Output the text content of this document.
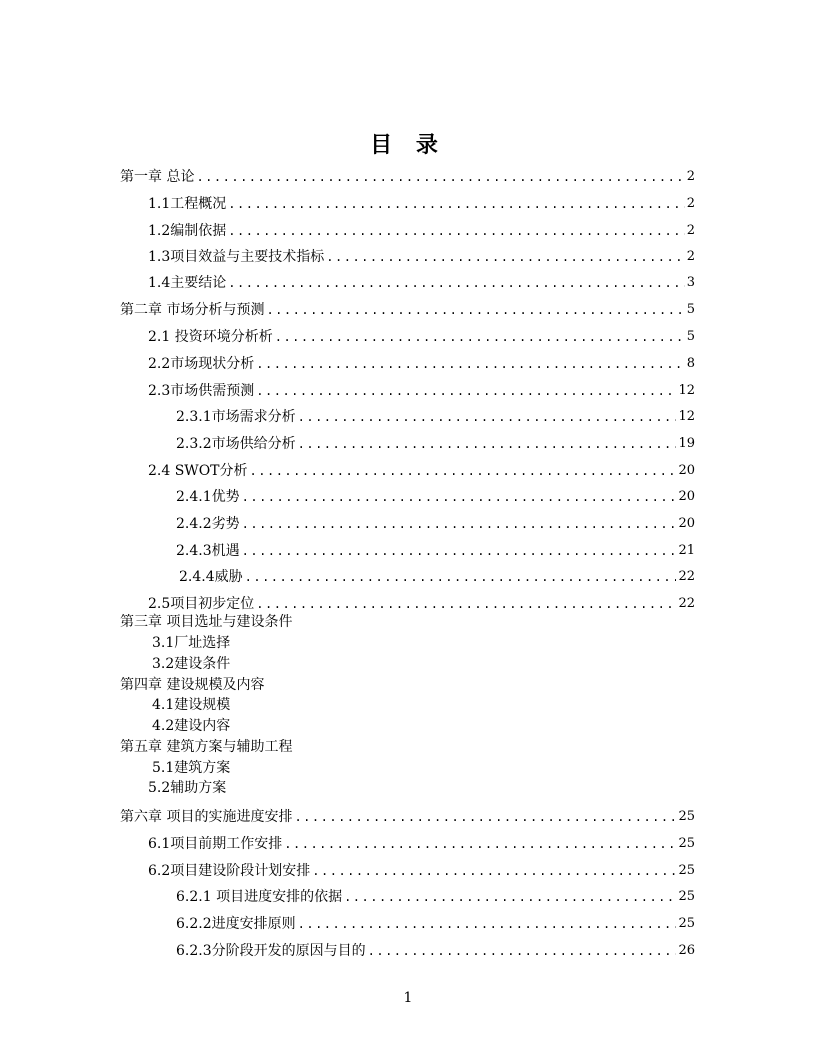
目 录
第一章 总论 .....	2
1.1工程概况 .....	2
1.2编制依据 .....	2
1.3项目效益与主要技术指标 .....	2
1.4主要结论 .....	3
第二章 市场分析与预测 .....	5
2.1 投资环境分析析 .....	5
2.2市场现状分析 .....	8
2.3市场供需预测 .....	12
2.3.1市场需求分析 .....	12
2.3.2市场供给分析 .....	19
2.4 SWOT分析 .....	20
2.4.1优势 .....	20
2.4.2劣势 .....	20
2.4.3机遇 .....	21
2.4.4威胁 .....	22
2.5项目初步定位 .....	22
第三章 项目选址与建设条件
3.1厂址选择
3.2建设条件
第四章 建设规模及内容
4.1建设规模
4.2建设内容
第五章 建筑方案与辅助工程
5.1建筑方案
5.2辅助方案
第六章 项目的实施进度安排 .....	25
6.1项目前期工作安排 .....	25
6.2项目建设阶段计划安排 .....	25
6.2.1 项目进度安排的依据 .....	25
6.2.2进度安排原则 .....	25
6.2.3分阶段开发的原因与目的 .....	26
1
